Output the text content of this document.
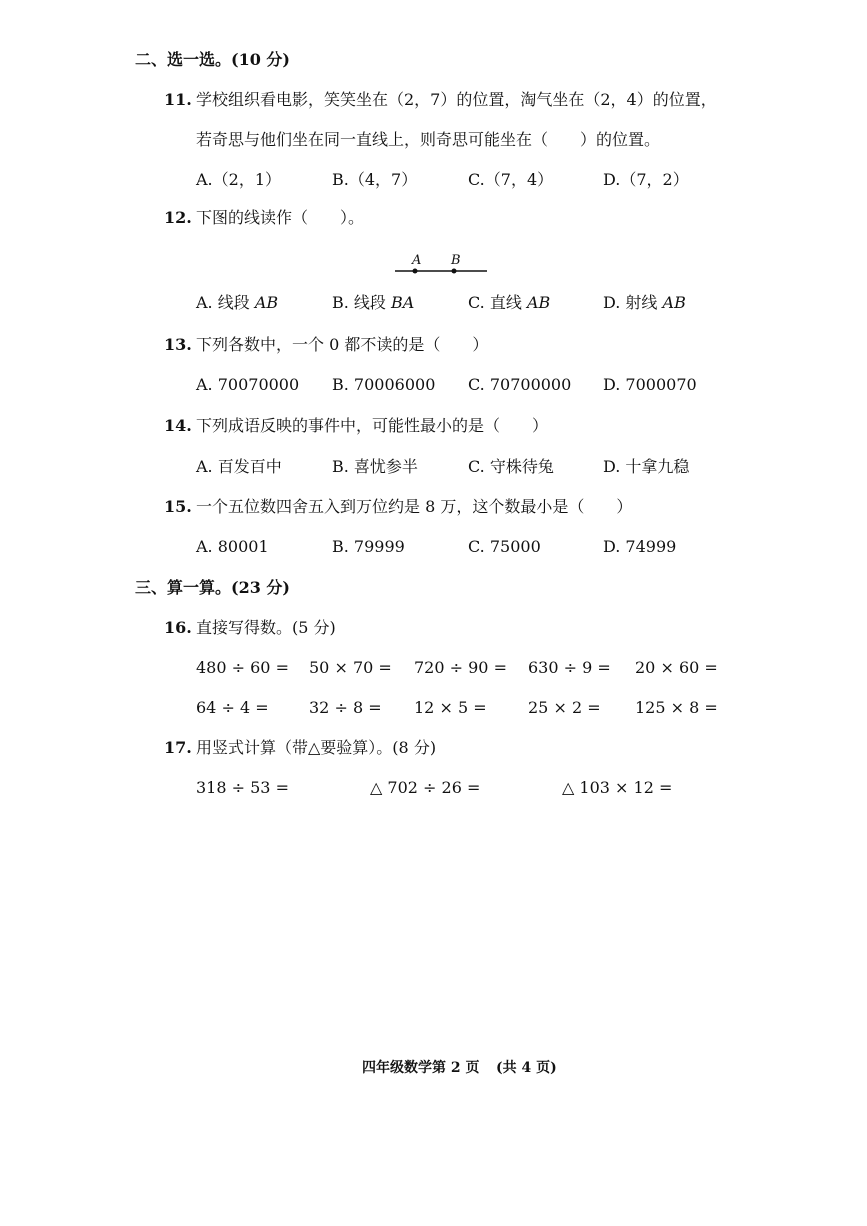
二、选一选。(10 分)
11. 学校组织看电影，笑笑坐在（2，7）的位置，淘气坐在（2，4）的位置，
若奇思与他们坐在同一直线上，则奇思可能坐在（　　）的位置。
A.（2，1）	B.（4，7）	C.（7，4）	D.（7，2）
12. 下图的线读作（　　）。
A B
A. 线段 AB	B. 线段 BA	C. 直线 AB	D. 射线 AB
13. 下列各数中，一个 0 都不读的是（　　）
A. 70070000 B. 70006000 C. 70700000 D. 7000070
14. 下列成语反映的事件中，可能性最小的是（　　）
A. 百发百中	B. 喜忧参半	C. 守株待兔	D. 十拿九稳
15. 一个五位数四舍五入到万位约是 8 万，这个数最小是（　　）
A. 80001	B. 79999	C. 75000	D. 74999
三、算一算。(23 分)
16. 直接写得数。(5 分)
480 ÷ 60 = 50 × 70 = 720 ÷ 90 = 630 ÷ 9 = 20 × 60 =
64 ÷ 4 =	32 ÷ 8 = 12 × 5 =	25 × 2 = 125 × 8 =
17. 用竖式计算（带△要验算）。(8 分)
318 ÷ 53 =	△ 702 ÷ 26 =	△ 103 × 12 =
四年级数学第 2 页 (共 4 页)
